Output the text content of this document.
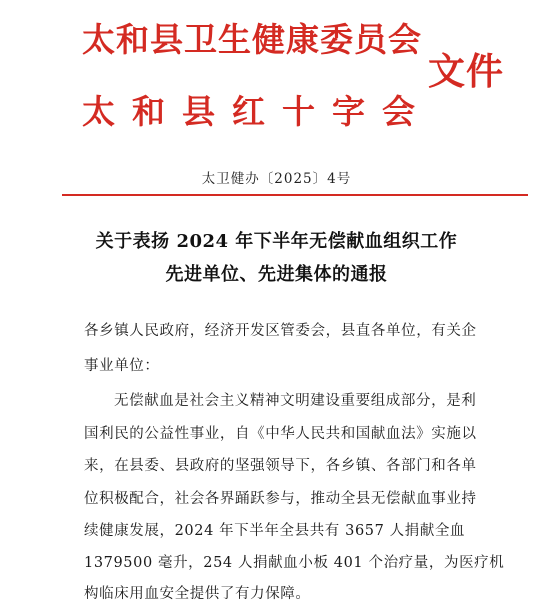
太和县卫生健康委员会
太和县红十字会
文件
太卫健办〔2025〕4号
关于表扬 2024 年下半年无偿献血组织工作
先进单位、先进集体的通报
各乡镇人民政府，经济开发区管委会，县直各单位，有关企
事业单位：
无偿献血是社会主义精神文明建设重要组成部分，是利
国利民的公益性事业，自《中华人民共和国献血法》实施以
来，在县委、县政府的坚强领导下，各乡镇、各部门和各单
位积极配合，社会各界踊跃参与，推动全县无偿献血事业持
续健康发展，2024 年下半年全县共有 3657 人捐献全血
1379500 毫升，254 人捐献血小板 401 个治疗量，为医疗机
构临床用血安全提供了有力保障。
